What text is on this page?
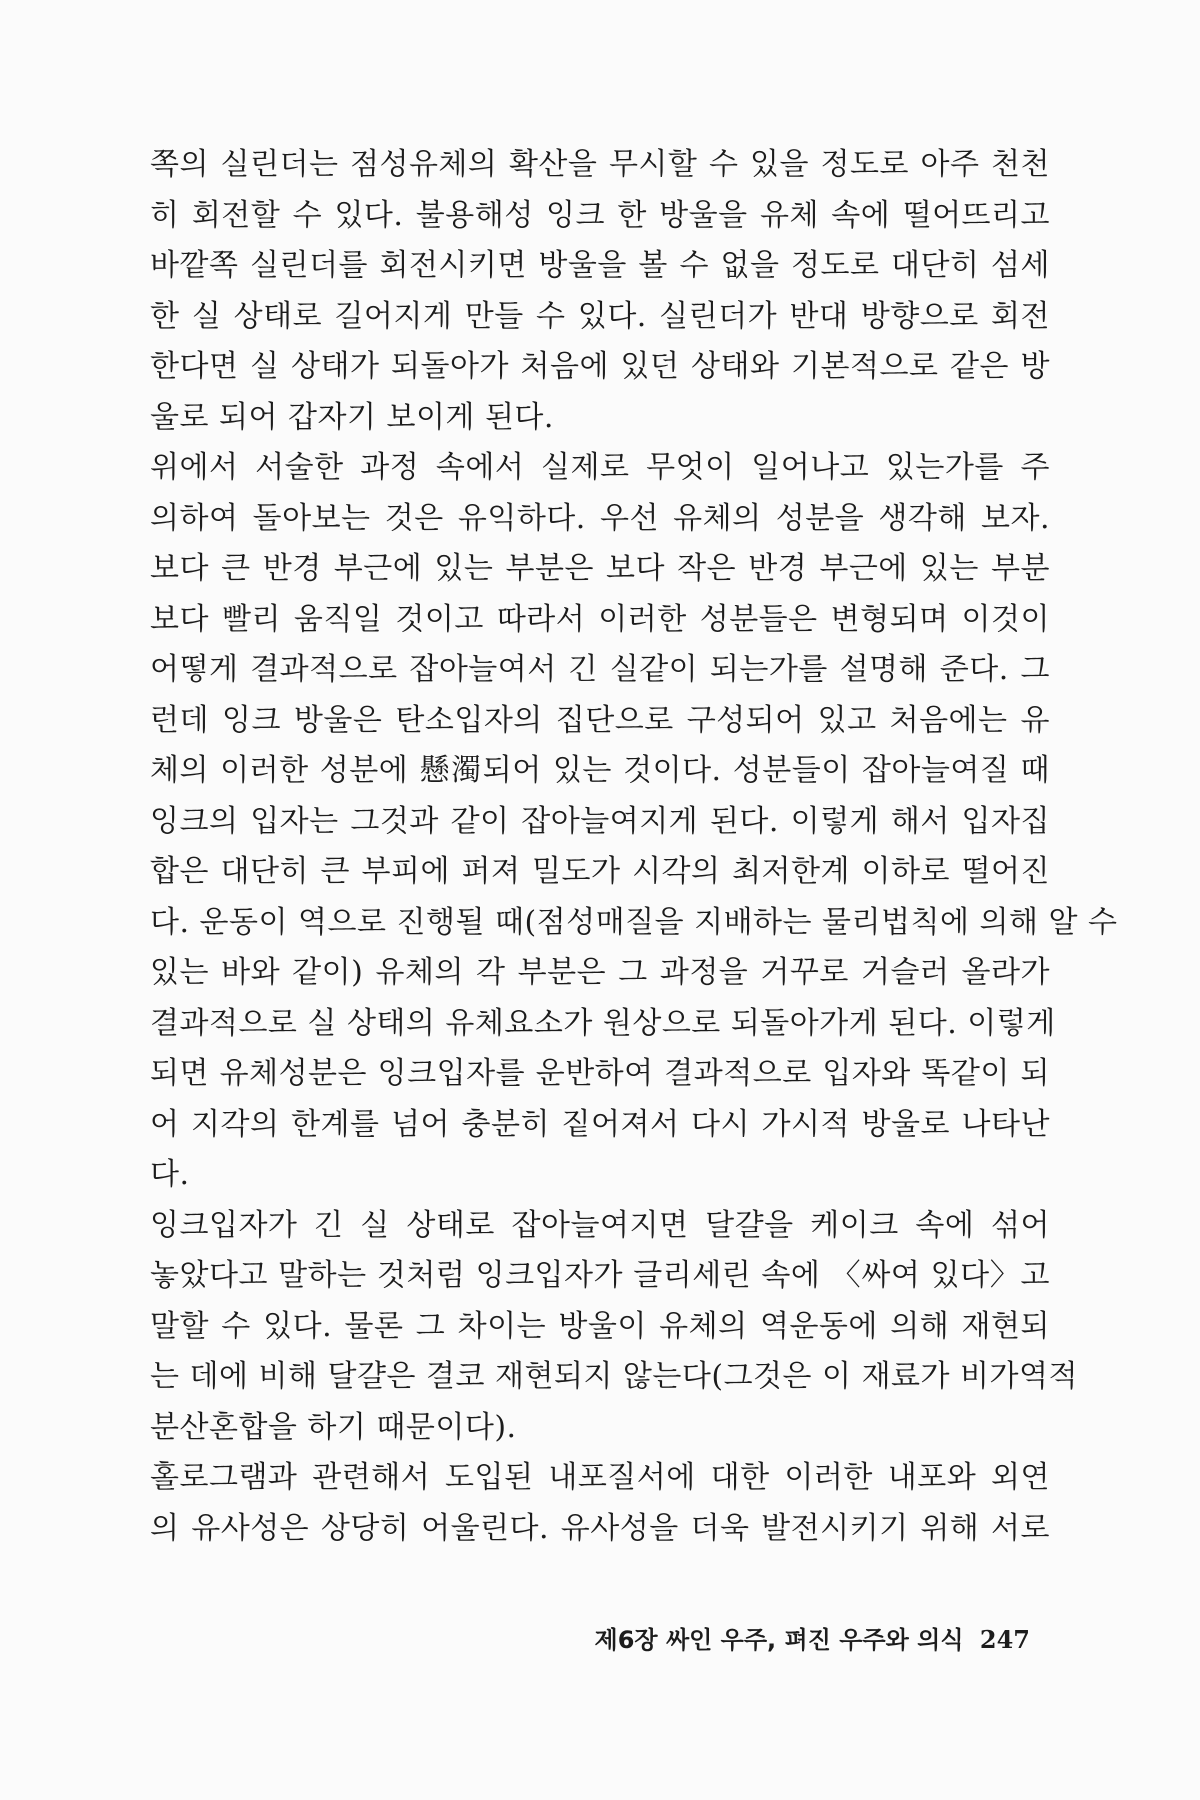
쪽의 실린더는 점성유체의 확산을 무시할 수 있을 정도로 아주 천천
히 회전할 수 있다. 불용해성 잉크 한 방울을 유체 속에 떨어뜨리고
바깥쪽 실린더를 회전시키면 방울을 볼 수 없을 정도로 대단히 섬세
한 실 상태로 길어지게 만들 수 있다. 실린더가 반대 방향으로 회전
한다면 실 상태가 되돌아가 처음에 있던 상태와 기본적으로 같은 방
울로 되어 갑자기 보이게 된다.
위에서 서술한 과정 속에서 실제로 무엇이 일어나고 있는가를 주
의하여 돌아보는 것은 유익하다. 우선 유체의 성분을 생각해 보자.
보다 큰 반경 부근에 있는 부분은 보다 작은 반경 부근에 있는 부분
보다 빨리 움직일 것이고 따라서 이러한 성분들은 변형되며 이것이
어떻게 결과적으로 잡아늘여서 긴 실같이 되는가를 설명해 준다. 그
런데 잉크 방울은 탄소입자의 집단으로 구성되어 있고 처음에는 유
체의 이러한 성분에 懸濁되어 있는 것이다. 성분들이 잡아늘여질 때
잉크의 입자는 그것과 같이 잡아늘여지게 된다. 이렇게 해서 입자집
합은 대단히 큰 부피에 퍼져 밀도가 시각의 최저한계 이하로 떨어진
다. 운동이 역으로 진행될 때(점성매질을 지배하는 물리법칙에 의해 알 수
있는 바와 같이) 유체의 각 부분은 그 과정을 거꾸로 거슬러 올라가
결과적으로 실 상태의 유체요소가 원상으로 되돌아가게 된다. 이렇게
되면 유체성분은 잉크입자를 운반하여 결과적으로 입자와 똑같이 되
어 지각의 한계를 넘어 충분히 짙어져서 다시 가시적 방울로 나타난
다.
잉크입자가 긴 실 상태로 잡아늘여지면 달걀을 케이크 속에 섞어
놓았다고 말하는 것처럼 잉크입자가 글리세린 속에 〈싸여 있다〉고
말할 수 있다. 물론 그 차이는 방울이 유체의 역운동에 의해 재현되
는 데에 비해 달걀은 결코 재현되지 않는다(그것은 이 재료가 비가역적
분산혼합을 하기 때문이다).
홀로그램과 관련해서 도입된 내포질서에 대한 이러한 내포와 외연
의 유사성은 상당히 어울린다. 유사성을 더욱 발전시키기 위해 서로
제6장 싸인 우주, 펴진 우주와 의식 247
